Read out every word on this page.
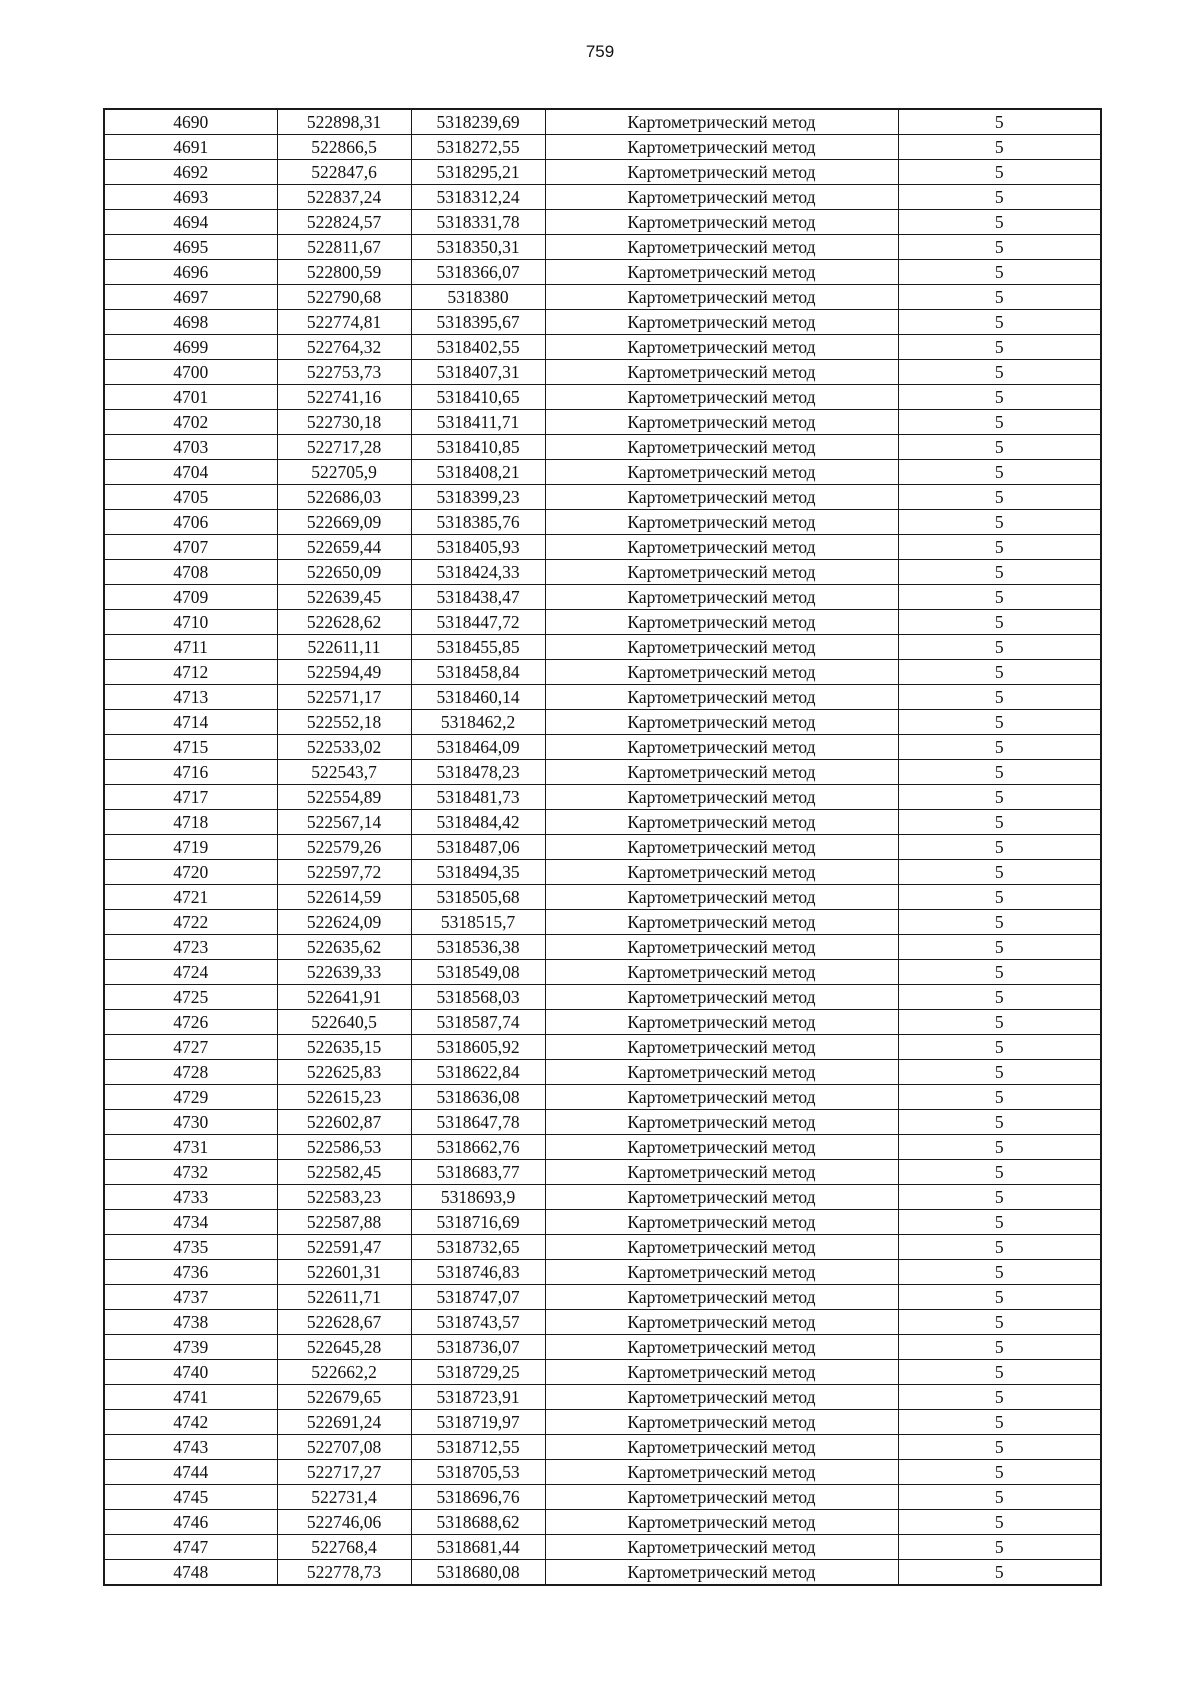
759
4690	522898,31	5318239,69	Картометрический метод	5
4691	522866,5	5318272,55	Картометрический метод	5
4692	522847,6	5318295,21	Картометрический метод	5
4693	522837,24	5318312,24	Картометрический метод	5
4694	522824,57	5318331,78	Картометрический метод	5
4695	522811,67	5318350,31	Картометрический метод	5
4696	522800,59	5318366,07	Картометрический метод	5
4697	522790,68	5318380	Картометрический метод	5
4698	522774,81	5318395,67	Картометрический метод	5
4699	522764,32	5318402,55	Картометрический метод	5
4700	522753,73	5318407,31	Картометрический метод	5
4701	522741,16	5318410,65	Картометрический метод	5
4702	522730,18	5318411,71	Картометрический метод	5
4703	522717,28	5318410,85	Картометрический метод	5
4704	522705,9	5318408,21	Картометрический метод	5
4705	522686,03	5318399,23	Картометрический метод	5
4706	522669,09	5318385,76	Картометрический метод	5
4707	522659,44	5318405,93	Картометрический метод	5
4708	522650,09	5318424,33	Картометрический метод	5
4709	522639,45	5318438,47	Картометрический метод	5
4710	522628,62	5318447,72	Картометрический метод	5
4711	522611,11	5318455,85	Картометрический метод	5
4712	522594,49	5318458,84	Картометрический метод	5
4713	522571,17	5318460,14	Картометрический метод	5
4714	522552,18	5318462,2	Картометрический метод	5
4715	522533,02	5318464,09	Картометрический метод	5
4716	522543,7	5318478,23	Картометрический метод	5
4717	522554,89	5318481,73	Картометрический метод	5
4718	522567,14	5318484,42	Картометрический метод	5
4719	522579,26	5318487,06	Картометрический метод	5
4720	522597,72	5318494,35	Картометрический метод	5
4721	522614,59	5318505,68	Картометрический метод	5
4722	522624,09	5318515,7	Картометрический метод	5
4723	522635,62	5318536,38	Картометрический метод	5
4724	522639,33	5318549,08	Картометрический метод	5
4725	522641,91	5318568,03	Картометрический метод	5
4726	522640,5	5318587,74	Картометрический метод	5
4727	522635,15	5318605,92	Картометрический метод	5
4728	522625,83	5318622,84	Картометрический метод	5
4729	522615,23	5318636,08	Картометрический метод	5
4730	522602,87	5318647,78	Картометрический метод	5
4731	522586,53	5318662,76	Картометрический метод	5
4732	522582,45	5318683,77	Картометрический метод	5
4733	522583,23	5318693,9	Картометрический метод	5
4734	522587,88	5318716,69	Картометрический метод	5
4735	522591,47	5318732,65	Картометрический метод	5
4736	522601,31	5318746,83	Картометрический метод	5
4737	522611,71	5318747,07	Картометрический метод	5
4738	522628,67	5318743,57	Картометрический метод	5
4739	522645,28	5318736,07	Картометрический метод	5
4740	522662,2	5318729,25	Картометрический метод	5
4741	522679,65	5318723,91	Картометрический метод	5
4742	522691,24	5318719,97	Картометрический метод	5
4743	522707,08	5318712,55	Картометрический метод	5
4744	522717,27	5318705,53	Картометрический метод	5
4745	522731,4	5318696,76	Картометрический метод	5
4746	522746,06	5318688,62	Картометрический метод	5
4747	522768,4	5318681,44	Картометрический метод	5
4748	522778,73	5318680,08	Картометрический метод	5
